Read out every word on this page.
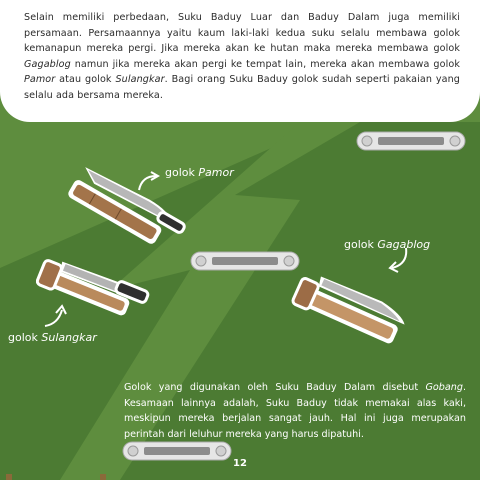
Selain memiliki perbedaan, Suku Baduy Luar dan Baduy Dalam juga memiliki persamaan. Persamaannya yaitu kaum laki-laki kedua suku selalu membawa golok kemanapun mereka pergi. Jika mereka akan ke hutan maka mereka membawa golok Gagablog namun jika mereka akan pergi ke tempat lain, mereka akan membawa golok Pamor atau golok Sulangkar. Bagi orang Suku Baduy golok sudah seperti pakaian yang selalu ada bersama mereka.
golok Pamor
golok Sulangkar
golok Gagablog
Golok yang digunakan oleh Suku Baduy Dalam disebut Gobang. Kesamaan lainnya adalah, Suku Baduy tidak memakai alas kaki, meskipun mereka berjalan sangat jauh. Hal ini juga merupakan perintah dari leluhur mereka yang harus dipatuhi.
12
